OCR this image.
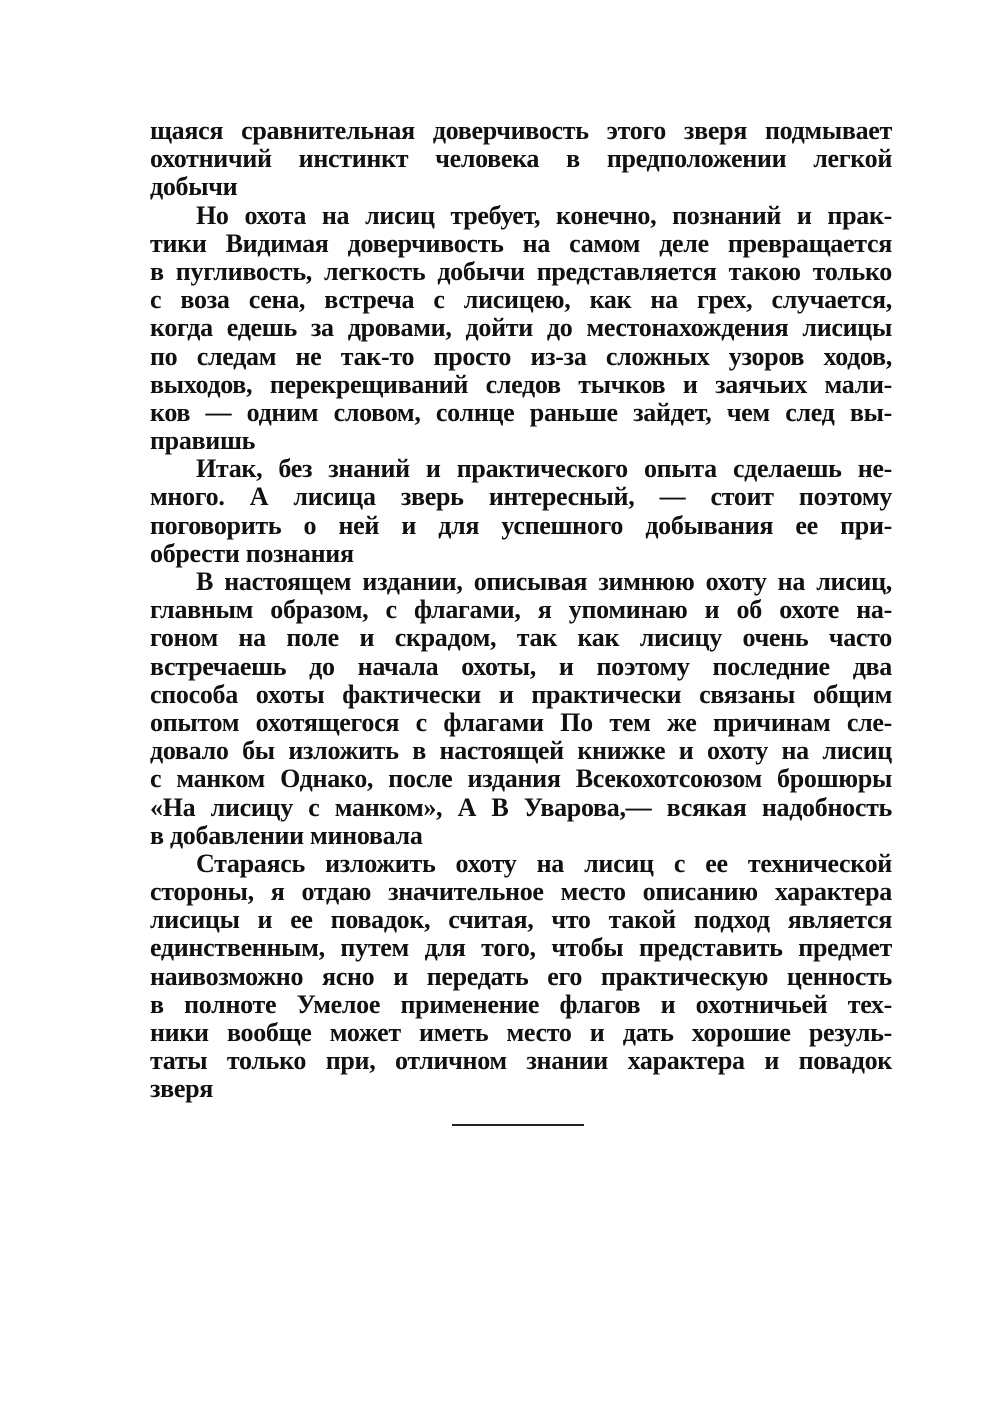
щаяся сравнительная доверчивость этого зверя подмывает
охотничий инстинкт человека в предположении легкой
добычи
Но охота на лисиц требует, конечно, познаний и прак-
тики Видимая доверчивость на самом деле превращается
в пугливость, легкость добычи представляется такою только
с воза сена, встреча с лисицею, как на грех, случается,
когда едешь за дровами, дойти до местонахождения лисицы
по следам не так-то просто из-за сложных узоров ходов,
выходов, перекрещиваний следов тычков и заячьих мали-
ков — одним словом, солнце раньше зайдет, чем след вы-
правишь
Итак, без знаний и практического опыта сделаешь не-
много. А лисица зверь интересный, — стоит поэтому
поговорить о ней и для успешного добывания ее при-
обрести познания
В настоящем издании, описывая зимнюю охоту на лисиц,
главным образом, с флагами, я упоминаю и об охоте на-
гоном на поле и скрадом, так как лисицу очень часто
встречаешь до начала охоты, и поэтому последние два
способа охоты фактически и практически связаны общим
опытом охотящегося с флагами По тем же причинам сле-
довало бы изложить в настоящей книжке и охоту на лисиц
с манком Однако, после издания Всекохотсоюзом брошюры
«На лисицу с манком», А В Уварова,— всякая надобность
в добавлении миновала
Стараясь изложить охоту на лисиц с ее технической
стороны, я отдаю значительное место описанию характера
лисицы и ее повадок, считая, что такой подход является
единственным, путем для того, чтобы представить предмет
наивозможно ясно и передать его практическую ценность
в полноте Умелое применение флагов и охотничьей тех-
ники вообще может иметь место и дать хорошие резуль-
таты только при, отличном знании характера и повадок
зверя
